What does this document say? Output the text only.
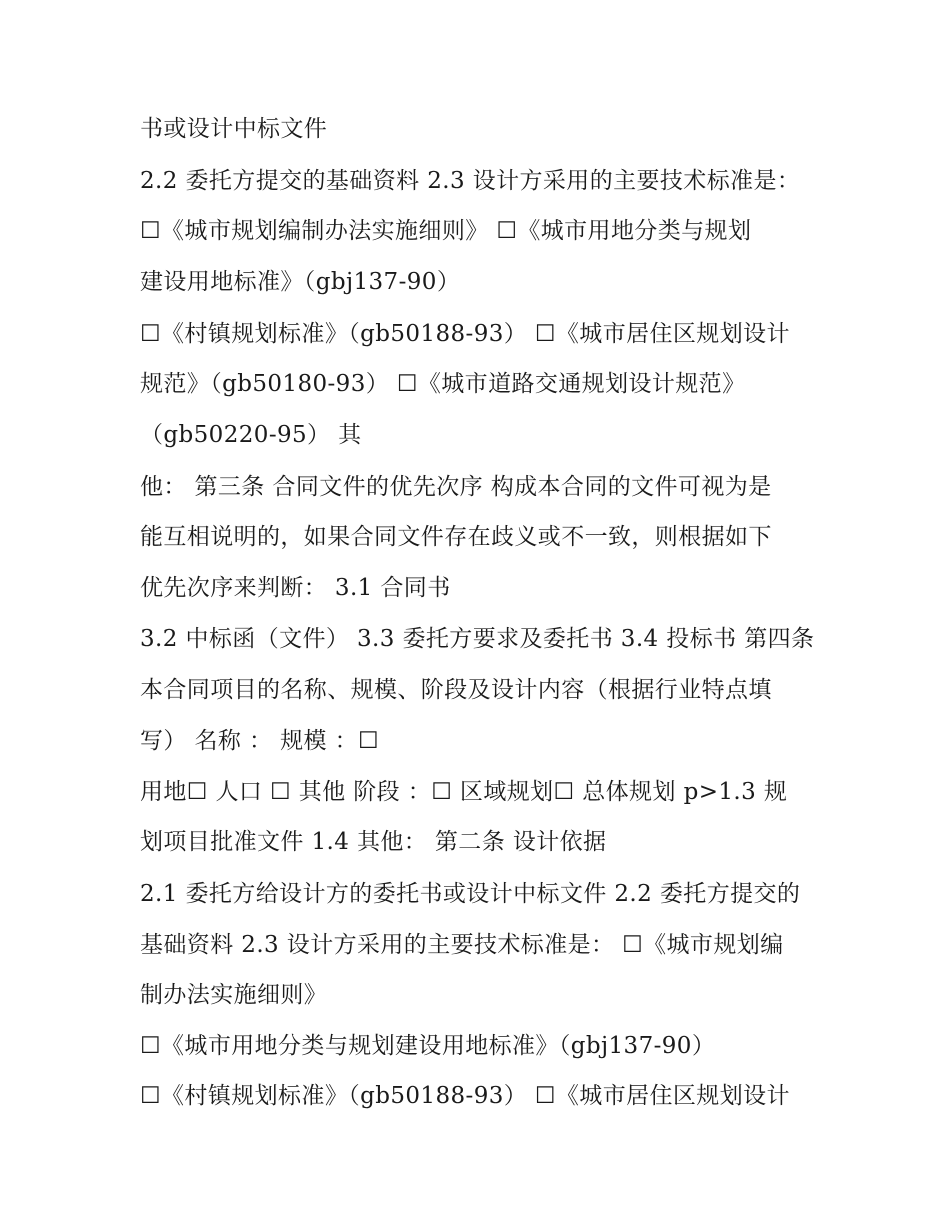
书或设计中标文件
2.2 委托方提交的基础资料 2.3 设计方采用的主要技术标准是：
☐《城市规划编制办法实施细则》 ☐《城市用地分类与规划
建设用地标准》（gbj137-90）
☐《村镇规划标准》（gb50188-93） ☐《城市居住区规划设计
规范》（gb50180-93） ☐《城市道路交通规划设计规范》
（gb50220-95） 其
他： 第三条 合同文件的优先次序 构成本合同的文件可视为是
能互相说明的，如果合同文件存在歧义或不一致，则根据如下
优先次序来判断： 3.1 合同书
3.2 中标函（文件） 3.3 委托方要求及委托书 3.4 投标书 第四条
本合同项目的名称、规模、阶段及设计内容（根据行业特点填
写） 名称 ： 规模 ：☐
用地☐ 人口 ☐ 其他 阶段 ：☐ 区域规划☐ 总体规划 p>1.3 规
划项目批准文件 1.4 其他： 第二条 设计依据
2.1 委托方给设计方的委托书或设计中标文件 2.2 委托方提交的
基础资料 2.3 设计方采用的主要技术标准是： ☐《城市规划编
制办法实施细则》
☐《城市用地分类与规划建设用地标准》（gbj137-90）
☐《村镇规划标准》（gb50188-93） ☐《城市居住区规划设计
